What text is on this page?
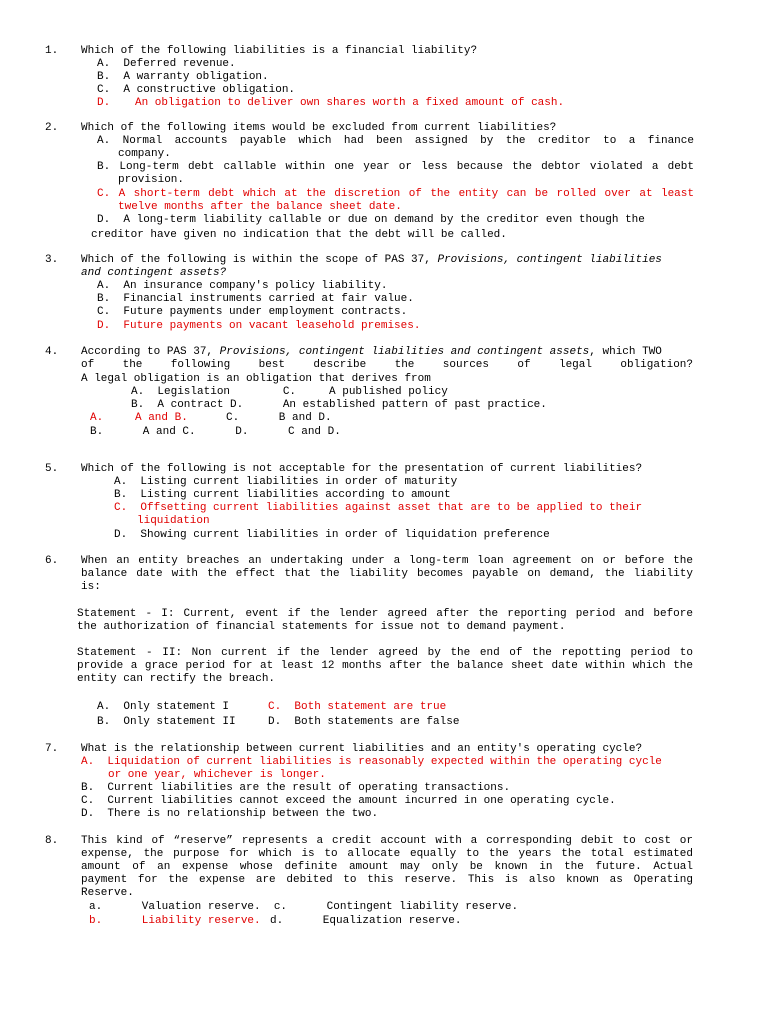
1. Which of the following liabilities is a financial liability?
A.  Deferred revenue.
B.  A warranty obligation.
C.  A constructive obligation.
D. An obligation to deliver own shares worth a fixed amount of cash.
2. Which of the following items would be excluded from current liabilities?
A. Normal accounts payable which had been assigned by the creditor to a finance
company.
B. Long-term debt callable within one year or less because the debtor violated a debt
provision.
C. A short-term debt which at the discretion of the entity can be rolled over at least
twelve months after the balance sheet date.
D.  A long-term liability callable or due on demand by the creditor even though the
creditor have given no indication that the debt will be called.
3. Which of the following is within the scope of PAS 37, Provisions, contingent liabilities
and contingent assets?
A.  An insurance company's policy liability.
B.  Financial instruments carried at fair value.
C.  Future payments under employment contracts.
D.  Future payments on vacant leasehold premises.
4. According to PAS 37, Provisions, contingent liabilities and contingent assets, which TWO
of the following best describe the sources of legal obligation?
A legal obligation is an obligation that derives from
A.  Legislation        C.     A published policy
B.  A contract D.      An established pattern of past practice.
A.	A and B.	C.      B and D.
B.      A and C.      D.      C and D.
5. Which of the following is not acceptable for the presentation of current liabilities?
A.  Listing current liabilities in order of maturity
B.  Listing current liabilities according to amount
C.  Offsetting current liabilities against asset that are to be applied to their
liquidation
D.  Showing current liabilities in order of liquidation preference
6. When an entity breaches an undertaking under a long-term loan agreement on or before the
balance date with the effect that the liability becomes payable on demand, the liability
is:
Statement - I: Current, event if the lender agreed after the reporting period and before
the authorization of financial statements for issue not to demand payment.
Statement - II: Non current if the lender agreed by the end of the repotting period to
provide a grace period for at least 12 months after the balance sheet date within which the
entity can rectify the breach.
A.  Only statement I	C.  Both statement are true
B.  Only statement II	D.  Both statements are false
7. What is the relationship between current liabilities and an entity's operating cycle?
A.  Liquidation of current liabilities is reasonably expected within the operating cycle
or one year, whichever is longer.
B.  Current liabilities are the result of operating transactions.
C.  Current liabilities cannot exceed the amount incurred in one operating cycle.
D.  There is no relationship between the two.
8. This kind of “reserve” represents a credit account with a corresponding debit to cost or
expense, the purpose for which is to allocate equally to the years the total estimated
amount of an expense whose definite amount may only be known in the future. Actual
payment for the expense are debited to this reserve. This is also known as Operating
Reserve.
a.      Valuation reserve.  c.      Contingent liability reserve.
b.      Liability reserve. d.      Equalization reserve.
